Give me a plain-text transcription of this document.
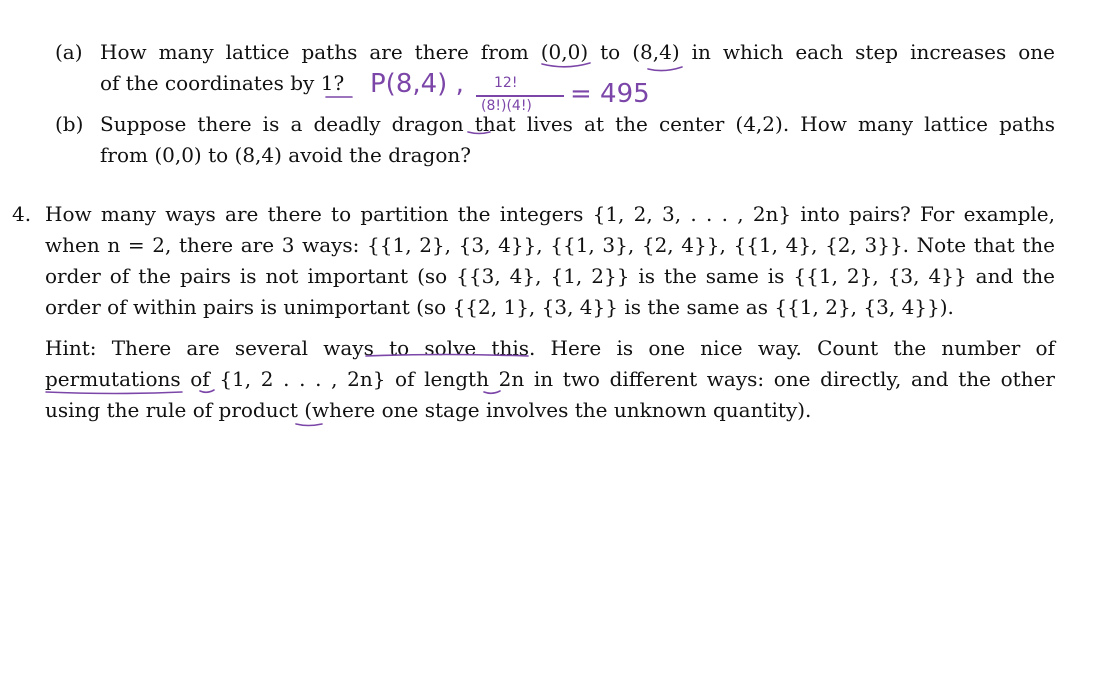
(a) How many lattice paths are there from (0,0) to (8,4) in which each step increases one
of the coordinates by 1?
(b) Suppose there is a deadly dragon that lives at the center (4,2). How many lattice paths
from (0,0) to (8,4) avoid the dragon?
4. How many ways are there to partition the integers {1, 2, 3, . . . , 2n} into pairs? For example,
when n = 2, there are 3 ways: {{1, 2}, {3, 4}}, {{1, 3}, {2, 4}}, {{1, 4}, {2, 3}}. Note that the
order of the pairs is not important (so {{3, 4}, {1, 2}} is the same is {{1, 2}, {3, 4}} and the
order of within pairs is unimportant (so {{2, 1}, {3, 4}} is the same as {{1, 2}, {3, 4}}).
Hint: There are several ways to solve this. Here is one nice way. Count the number of
permutations of {1, 2 . . . , 2n} of length 2n in two different ways: one directly, and the other
using the rule of product (where one stage involves the unknown quantity).
P(8,4) , 12!
(8!)(4!) = 495
